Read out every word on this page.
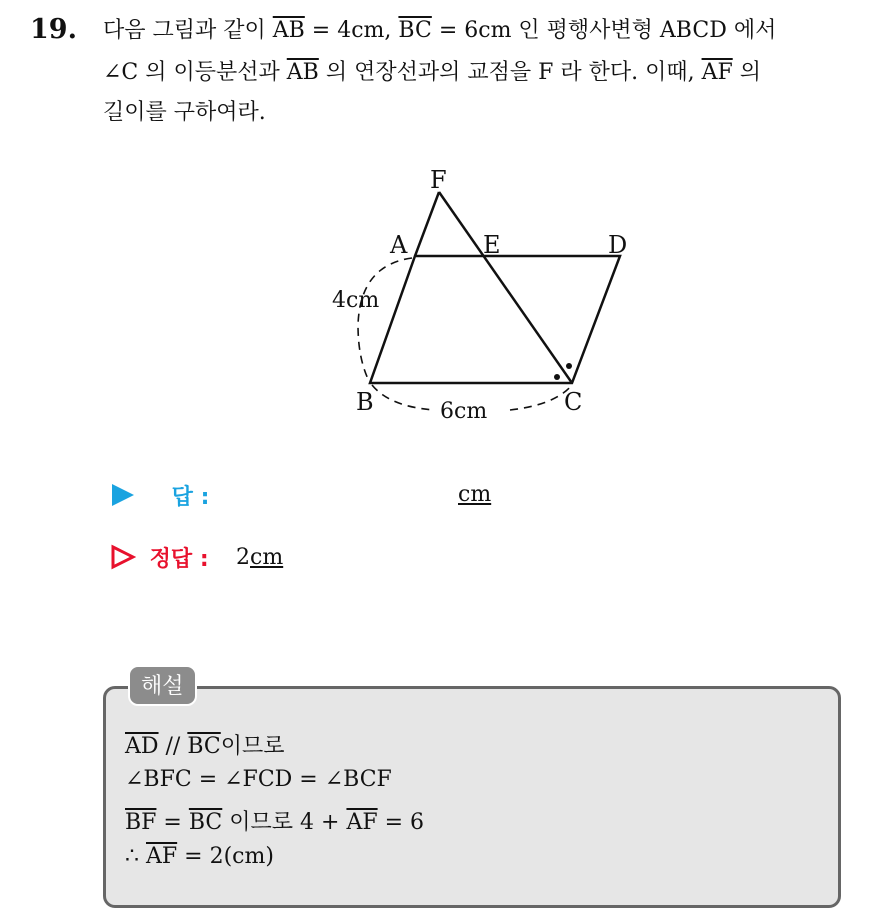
19. 다음 그림과 같이 $\overline{AB} = 4cm$, $\overline{BC} = 6cm$ 인 평행사변형 ABCD 에서
∠C 의 이등분선과 $\overline{AB}$ 의 연장선과의 교점을 F 라 한다. 이때, $\overline{AF}$ 의
길이를 구하여라.
F
A	E	D
B	C
4cm
6cm
답 :	cm
정답 : 2cm
해설
$\overline{AD} // \overline{BC}$이므로
∠BFC = ∠FCD = ∠BCF
$\overline{BF} = \overline{BC}$ 이므로 $4 + \overline{AF} = 6$
∴ $\overline{AF} = 2(cm)$
